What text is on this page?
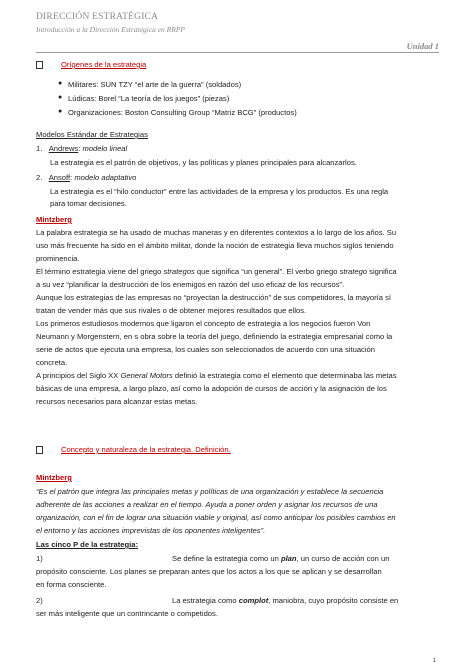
DIRECCIÓN ESTRATÉGICA
Introducción a la Dirección Estratégica en RRPP
Unidad 1
Orígenes de la estrategia
● Militares: SUN TZY “el arte de la guerra” (soldados)
● Lúdicas: Borel “La teoría de los juegos” (piezas)
● Organizaciones: Boston Consulting Group “Matriz BCG” (productos)
Modelos Estándar de Estrategias
1. Andrews: modelo lineal
La estrategia es el patrón de objetivos, y las políticas y planes principales para alcanzarlos.
2. Ansoff: modelo adaptativo
La estrategia es el “hilo conductor” entre las actividades de la empresa y los productos. Es una regla
para tomar decisiones.
Mintzberg
La palabra estrategia se ha usado de muchas maneras y en diferentes contextos a lo largo de los años. Su
uso más frecuente ha sido en el ámbito militar, donde la noción de estrategia lleva muchos siglos teniendo
prominencia.
El término estrategia viene del griego strategos que significa “un general”. El verbo griego stratego significa
a su vez “planificar la destrucción de los enemigos en razón del uso eficaz de los recursos”.
Aunque los estrategias de las empresas no “proyectan la destrucción” de sus competidores, la mayoría sí
tratan de vender más que sus rivales o de obtener mejores resultados que ellos.
Los primeros estudiosos modernos que ligaron el concepto de estrategia a los negocios fueron Von
Neumann y Morgenstern, en s obra sobre la teoría del juego, definiendo la estrategia empresarial como la
serie de actos que ejecuta una empresa, los cuales son seleccionados de acuerdo con una situación
concreta.
A principios del Siglo XX General Motors definió la estrategia como el elemento que determinaba las metas
básicas de una empresa, a largo plazo, así como la adopción de cursos de acción y la asignación de los
recursos necesarios para alcanzar estas metas.
Concepto y naturaleza de la estrategia. Definición.
Mintzberg
“Es el patrón que integra las principales metas y políticas de una organización y establece la secuencia
adherente de las acciones a realizar en el tiempo. Ayuda a poner orden y asignar los recursos de una
organización, con el fin de lograr una situación viable y original, así como anticipar los posibles cambios en
el entorno y las acciones imprevistas de los oponentes inteligentes”.
Las cinco P de la estrategia:
1)	Se define la estrategia como un plan, un curso de acción con un
propósito consciente. Los planes se preparan antes que los actos a los que se aplican y se desarrollan
en forma consciente.
2)	La estrategia como complot, maniobra, cuyo propósito consiste en
ser más inteligente que un contrincante o competidos.
1
